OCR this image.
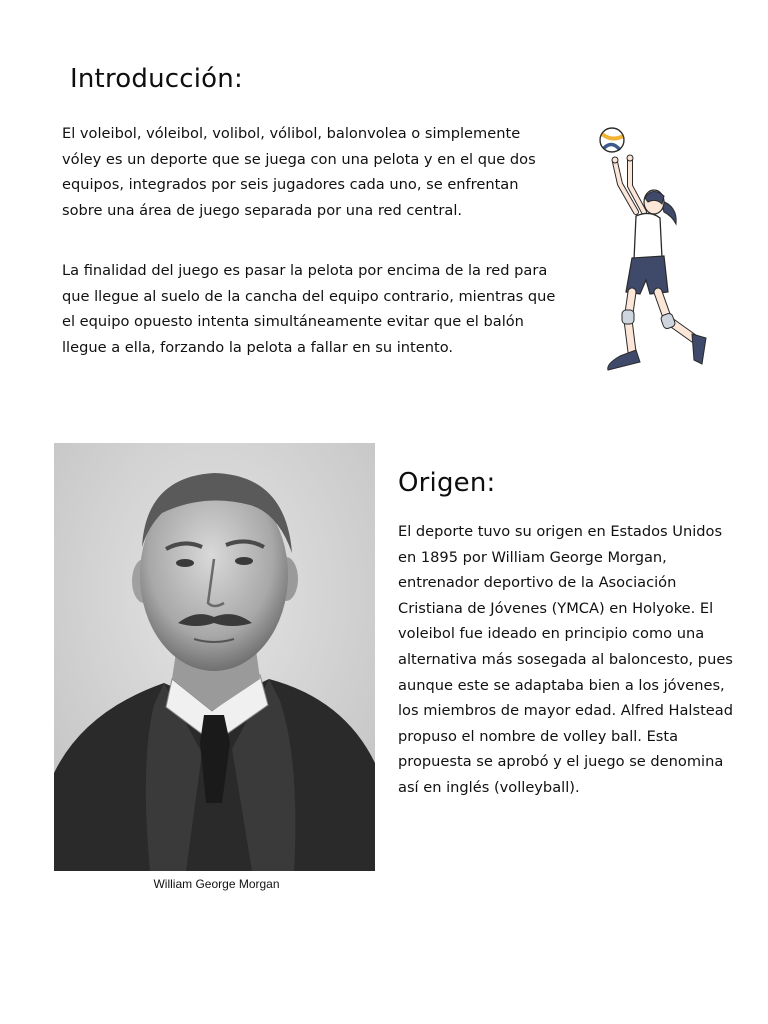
Introducción:

El voleibol, vóleibol, volibol, vólibol, balonvolea o simplemente vóley es un deporte que se juega con una pelota y en el que dos equipos, integrados por seis jugadores cada uno, se enfrentan sobre una área de juego separada por una red central.

La finalidad del juego es pasar la pelota por encima de la red para que llegue al suelo de la cancha del equipo contrario, mientras que el equipo opuesto intenta simultáneamente evitar que el balón llegue a ella, forzando la pelota a fallar en su intento.

Origen:

El deporte tuvo su origen en Estados Unidos en 1895 por William George Morgan, entrenador deportivo de la Asociación Cristiana de Jóvenes (YMCA) en Holyoke. El voleibol fue ideado en principio como una alternativa más sosegada al baloncesto, pues aunque este se adaptaba bien a los jóvenes, los miembros de mayor edad. Alfred Halstead propuso el nombre de volley ball. Esta propuesta se aprobó y el juego se denomina así en inglés (volleyball).

William George Morgan
